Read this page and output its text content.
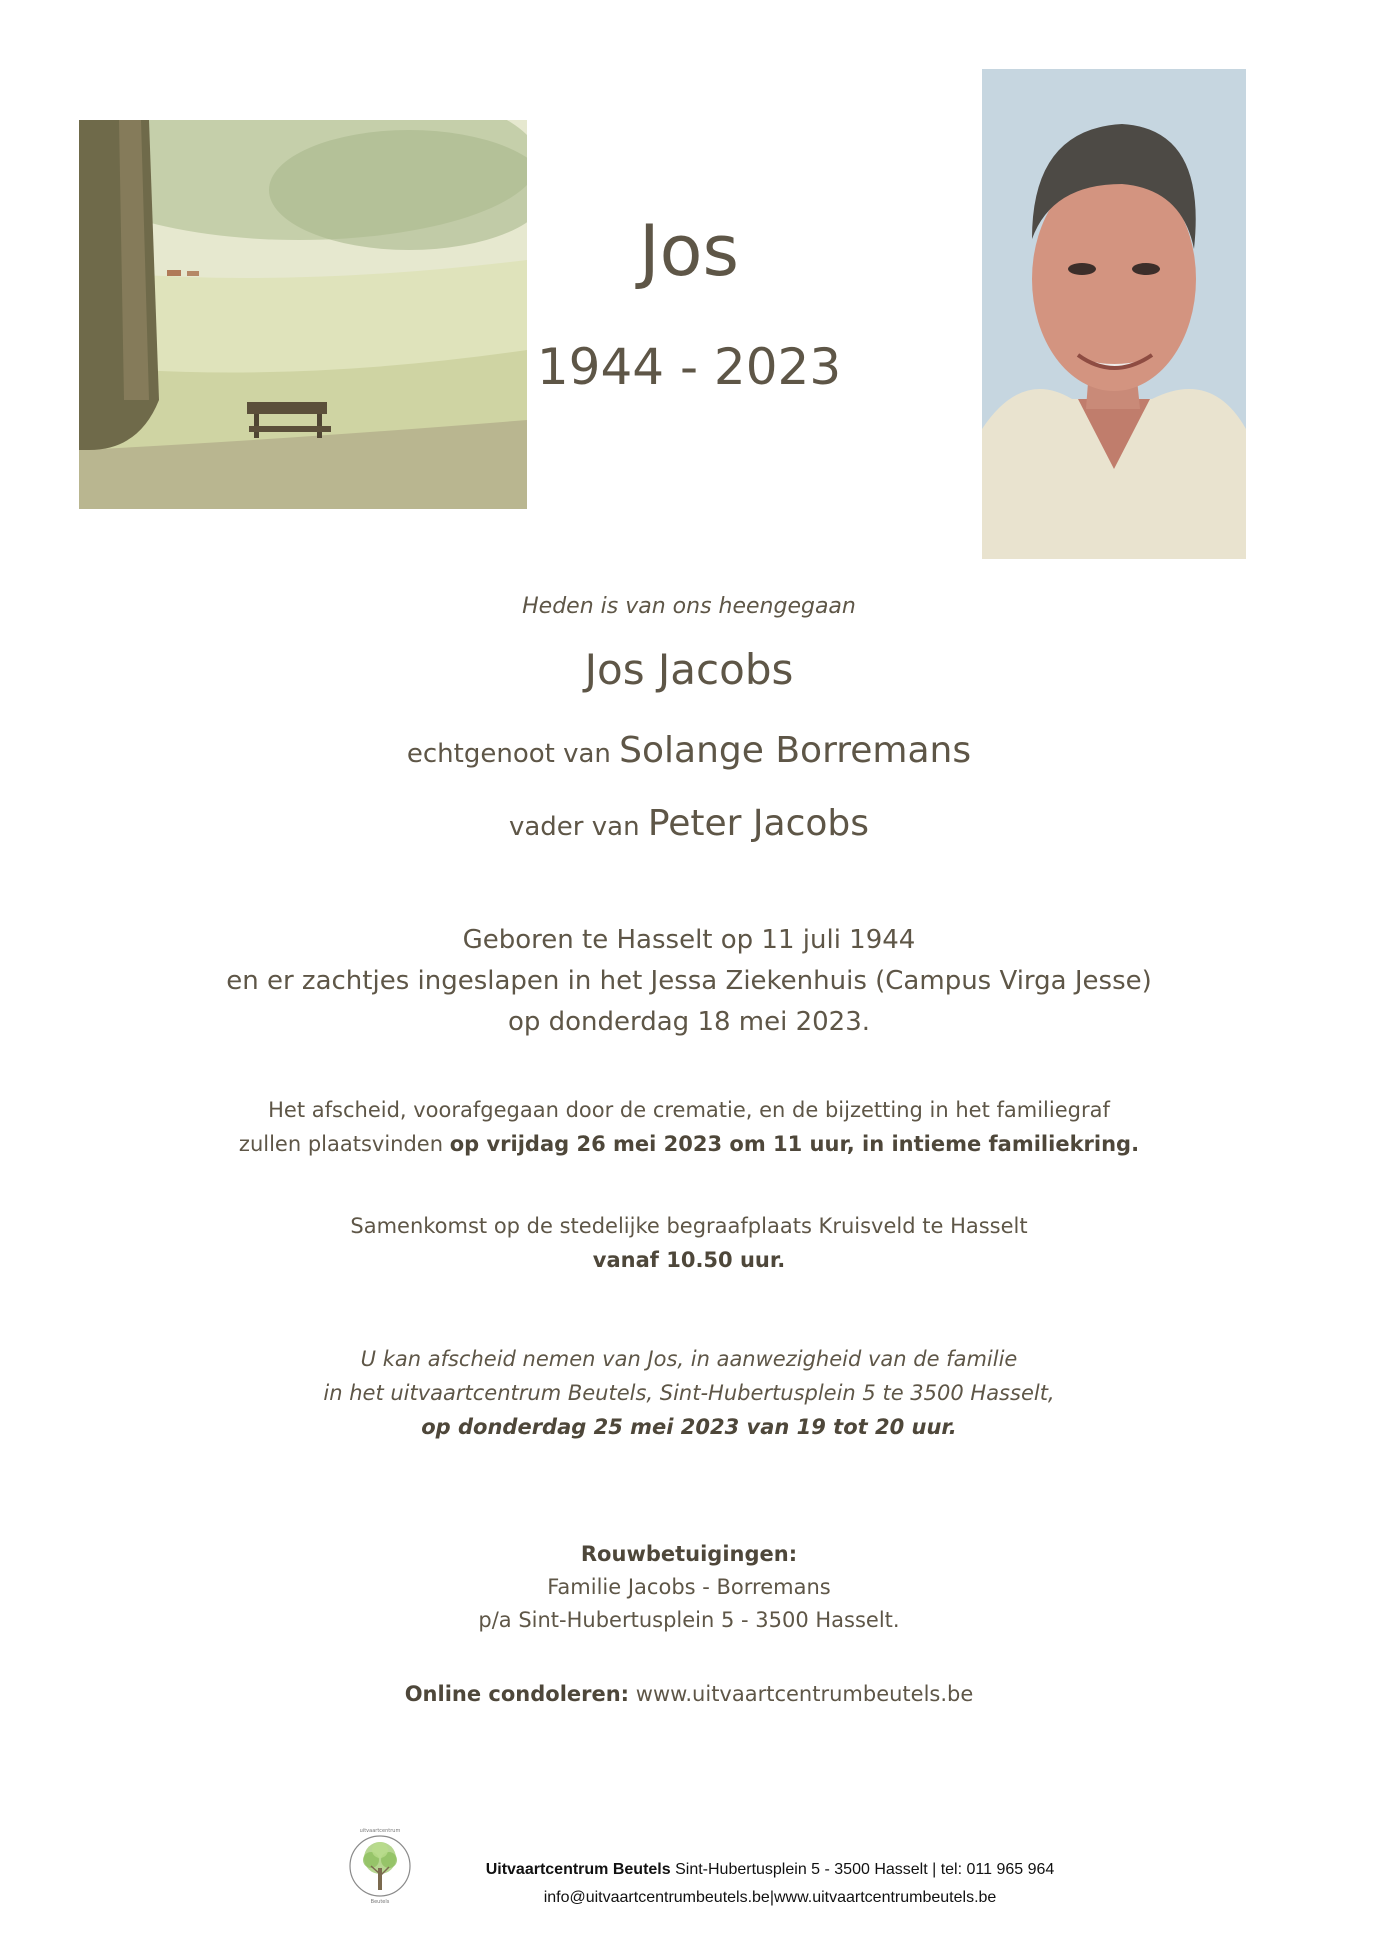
Jos
1944 - 2023
Heden is van ons heengegaan
Jos Jacobs
echtgenoot van Solange Borremans
vader van Peter Jacobs
Geboren te Hasselt op 11 juli 1944
en er zachtjes ingeslapen in het Jessa Ziekenhuis (Campus Virga Jesse)
op donderdag 18 mei 2023.
Het afscheid, voorafgegaan door de crematie, en de bijzetting in het familiegraf
zullen plaatsvinden op vrijdag 26 mei 2023 om 11 uur, in intieme familiekring.
Samenkomst op de stedelijke begraafplaats Kruisveld te Hasselt
vanaf 10.50 uur.
U kan afscheid nemen van Jos, in aanwezigheid van de familie
in het uitvaartcentrum Beutels, Sint-Hubertusplein 5 te 3500 Hasselt,
op donderdag 25 mei 2023 van 19 tot 20 uur.
Rouwbetuigingen:
Familie Jacobs - Borremans
p/a Sint-Hubertusplein 5 - 3500 Hasselt.
Online condoleren: www.uitvaartcentrumbeutels.be
uitvaartcentrum
Beutels
Uitvaartcentrum Beutels Sint-Hubertusplein 5 - 3500 Hasselt | tel: 011 965 964
info@uitvaartcentrumbeutels.be|www.uitvaartcentrumbeutels.be
